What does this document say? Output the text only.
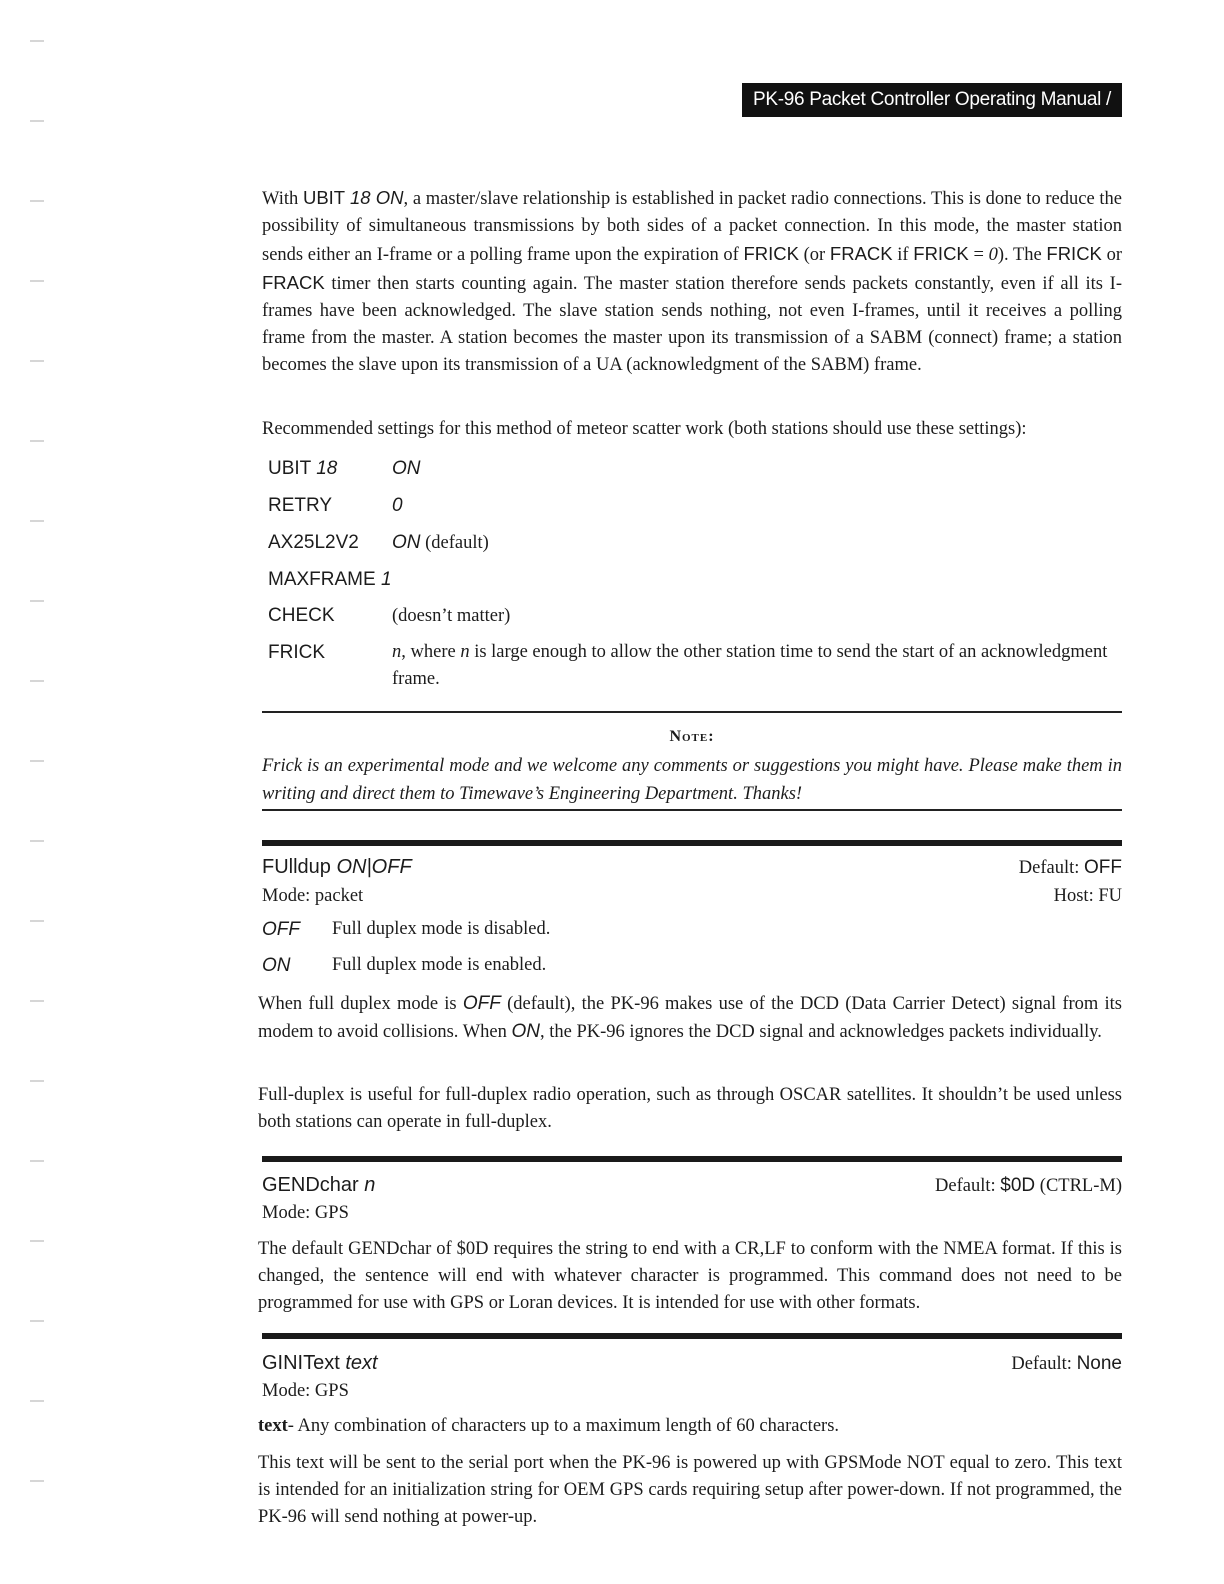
PK-96 Packet Controller Operating Manual / 49

With UBIT 18 ON, a master/slave relationship is established in packet radio connections. This is done to reduce the possibility of simultaneous transmissions by both sides of a packet connection. In this mode, the master station sends either an I-frame or a polling frame upon the expiration of FRICK (or FRACK if FRICK = 0). The FRICK or FRACK timer then starts counting again. The master station therefore sends packets constantly, even if all its I-frames have been acknowledged. The slave station sends nothing, not even I-frames, until it receives a polling frame from the master. A station becomes the master upon its transmission of a SABM (connect) frame; a station becomes the slave upon its transmission of a UA (acknowledgment of the SABM) frame.

Recommended settings for this method of meteor scatter work (both stations should use these settings):

UBIT 18	ON
RETRY	0
AX25L2V2	ON (default)
MAXFRAME 1
CHECK	(doesn’t matter)
FRICK	n, where n is large enough to allow the other station time to send the start of an acknowledgment frame.
Note:
Frick is an experimental mode and we welcome any comments or suggestions you might have. Please make them in writing and direct them to Timewave’s Engineering Department. Thanks!
FUlldup ON|OFF	Default: OFF
Mode: packet	Host: FU
OFF	Full duplex mode is disabled.
ON	Full duplex mode is enabled.

When full duplex mode is OFF (default), the PK-96 makes use of the DCD (Data Carrier Detect) signal from its modem to avoid collisions. When ON, the PK-96 ignores the DCD signal and acknowledges packets individually.

Full-duplex is useful for full-duplex radio operation, such as through OSCAR satellites. It shouldn’t be used unless both stations can operate in full-duplex.

GENDchar n	Default: $0D (CTRL-M)
Mode: GPS

The default GENDchar of $0D requires the string to end with a CR,LF to conform with the NMEA format. If this is changed, the sentence will end with whatever character is programmed. This command does not need to be programmed for use with GPS or Loran devices. It is intended for use with other formats.

GINIText text	Default: None
Mode: GPS

text- Any combination of characters up to a maximum length of 60 characters.

This text will be sent to the serial port when the PK-96 is powered up with GPSMode NOT equal to zero. This text is intended for an initialization string for OEM GPS cards requiring setup after power-down. If not programmed, the PK-96 will send nothing at power-up.
